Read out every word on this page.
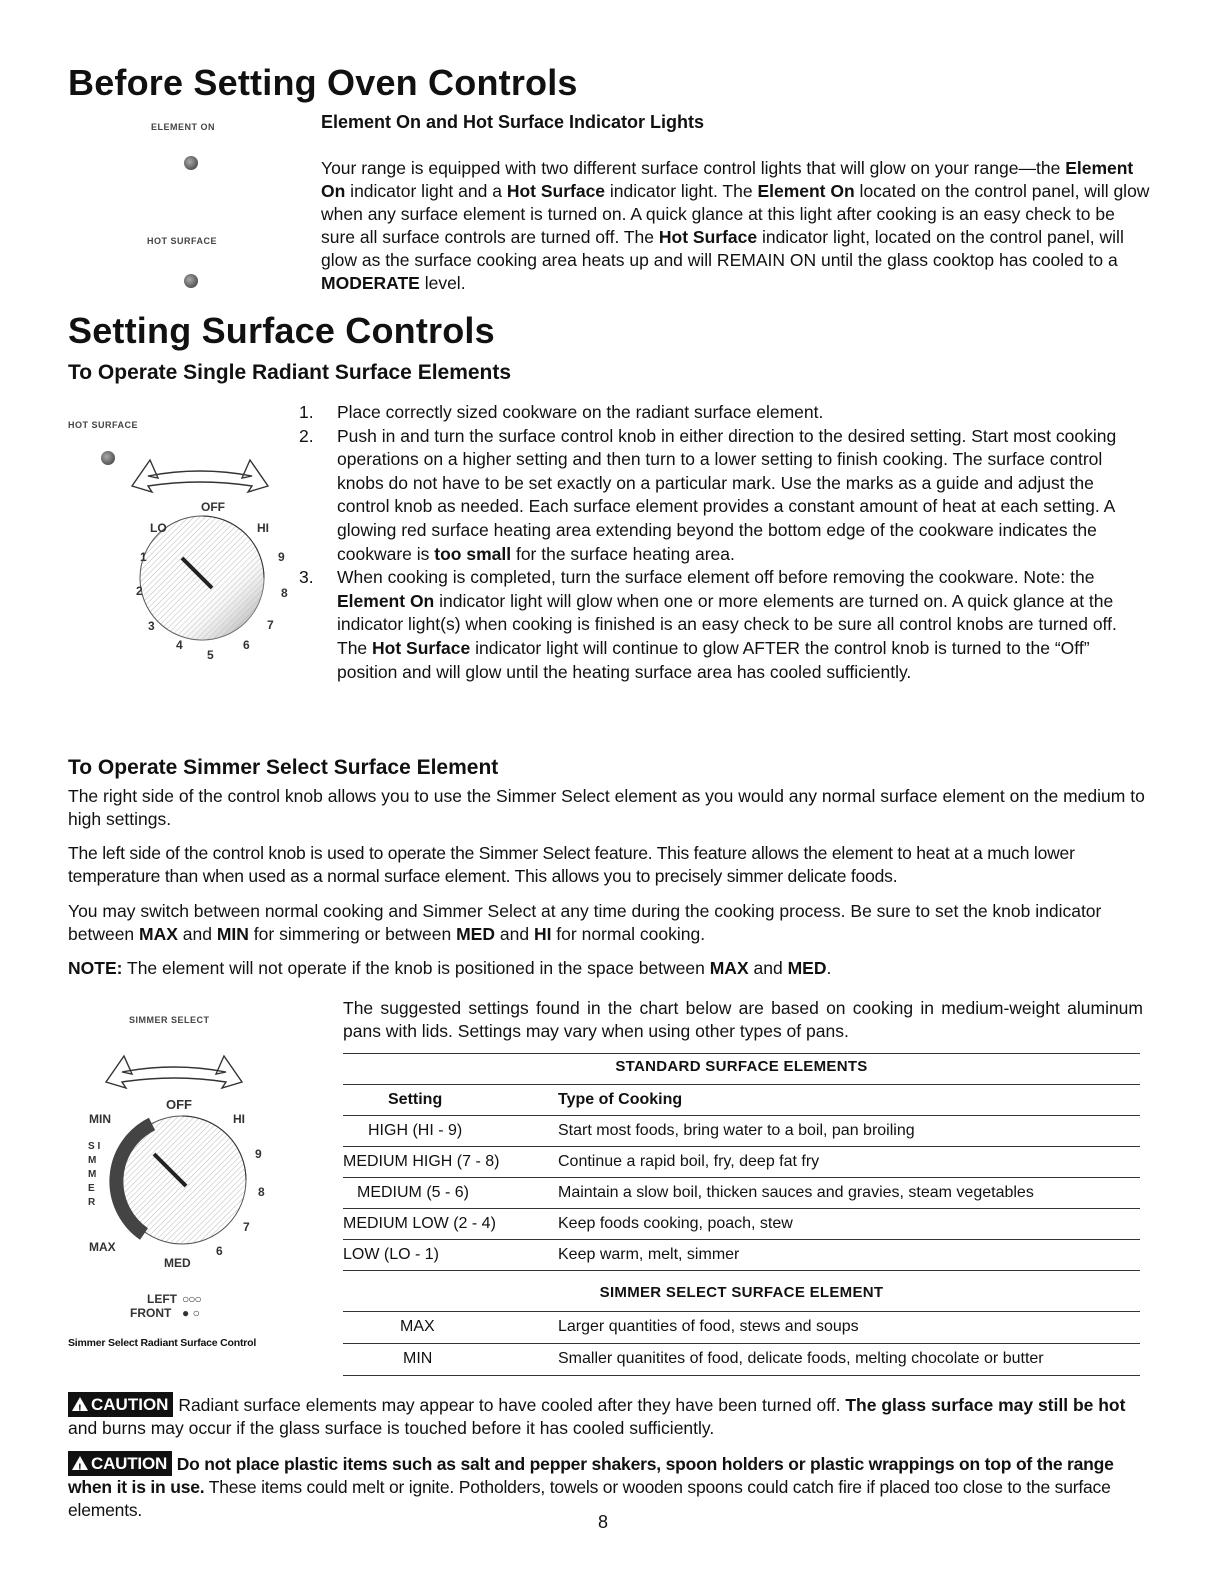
Before Setting Oven Controls
ELEMENT ON
HOT SURFACE
Element On and Hot Surface Indicator Lights
Your range is equipped with two different surface control lights that will glow on your range—the Element On indicator light and a Hot Surface indicator light. The Element On located on the control panel, will glow when any surface element is turned on. A quick glance at this light after cooking is an easy check to be sure all surface controls are turned off. The Hot Surface indicator light, located on the control panel, will glow as the surface cooking area heats up and will REMAIN ON until the glass cooktop has cooled to a MODERATE level.
Setting Surface Controls
To Operate Single Radiant Surface Elements
HOT SURFACE
OFF
LO	HI
1
2
3
4
5
6
7
8
9
1. Place correctly sized cookware on the radiant surface element.
2. Push in and turn the surface control knob in either direction to the desired setting. Start most cooking operations on a higher setting and then turn to a lower setting to finish cooking. The surface control knobs do not have to be set exactly on a particular mark. Use the marks as a guide and adjust the control knob as needed. Each surface element provides a constant amount of heat at each setting. A glowing red surface heating area extending beyond the bottom edge of the cookware indicates the cookware is too small for the surface heating area.
3. When cooking is completed, turn the surface element off before removing the cookware. Note: the Element On indicator light will glow when one or more elements are turned on. A quick glance at the indicator light(s) when cooking is finished is an easy check to be sure all control knobs are turned off. The Hot Surface indicator light will continue to glow AFTER the control knob is turned to the “Off” position and will glow until the heating surface area has cooled sufficiently.
To Operate Simmer Select Surface Element
The right side of the control knob allows you to use the Simmer Select element as you would any normal surface element on the medium to high settings.
The left side of the control knob is used to operate the Simmer Select feature. This feature allows the element to heat at a much lower temperature than when used as a normal surface element. This allows you to precisely simmer delicate foods.
You may switch between normal cooking and Simmer Select at any time during the cooking process. Be sure to set the knob indicator between MAX and MIN for simmering or between MED and HI for normal cooking.
NOTE: The element will not operate if the knob is positioned in the space between MAX and MED.
SIMMER SELECT
S I M M E R
OFF
MIN	HI
9
8
7
6
MAX
MED
LEFT ○○○
FRONT ● ○
Simmer Select Radiant Surface Control
The suggested settings found in the chart below are based on cooking in medium-weight aluminum pans with lids. Settings may vary when using other types of pans.
STANDARD SURFACE ELEMENTS
Setting	Type of Cooking
HIGH (HI - 9)	Start most foods, bring water to a boil, pan broiling
MEDIUM HIGH (7 - 8)	Continue a rapid boil, fry, deep fat fry
MEDIUM (5 - 6)	Maintain a slow boil, thicken sauces and gravies, steam vegetables
MEDIUM LOW (2 - 4)	Keep foods cooking, poach, stew
LOW (LO - 1)	Keep warm, melt, simmer
SIMMER SELECT SURFACE ELEMENT
MAX	Larger quantities of food, stews and soups
MIN	Smaller quanitites of food, delicate foods, melting chocolate or butter
!CAUTION Radiant surface elements may appear to have cooled after they have been turned off. The glass surface may still be hot and burns may occur if the glass surface is touched before it has cooled sufficiently.
!CAUTION Do not place plastic items such as salt and pepper shakers, spoon holders or plastic wrappings on top of the range when it is in use. These items could melt or ignite. Potholders, towels or wooden spoons could catch fire if placed too close to the surface elements.
8
